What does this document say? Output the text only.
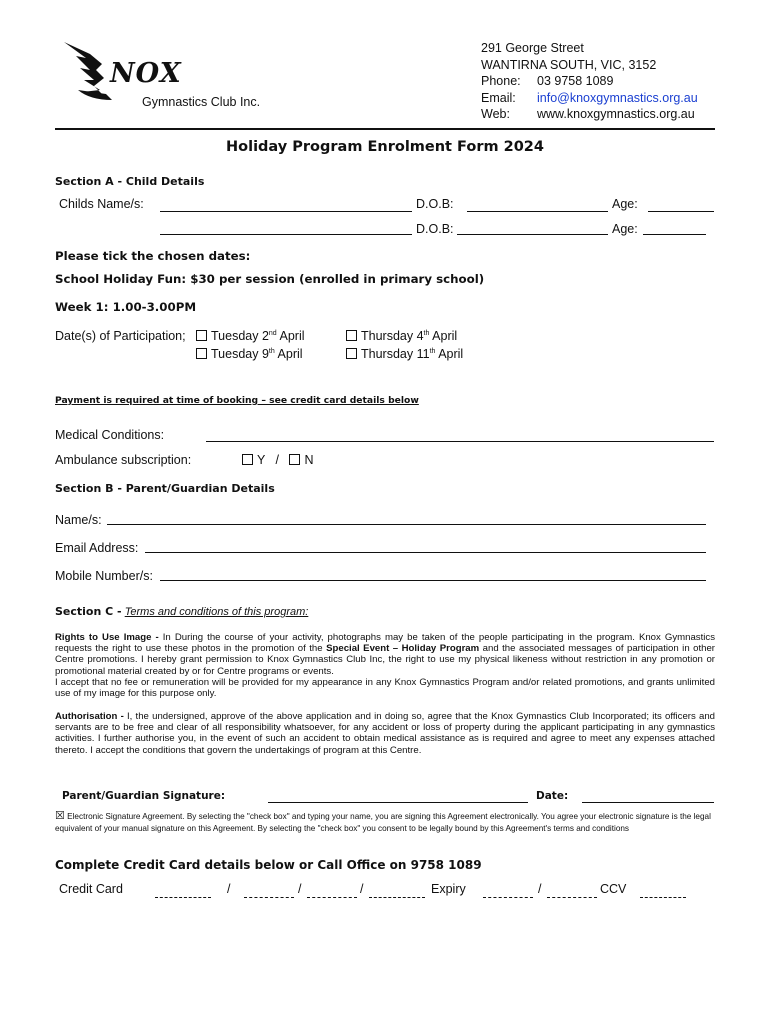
NOX
Gymnastics Club Inc.
291 George Street
WANTIRNA SOUTH, VIC, 3152
Phone: 03 9758 1089
Email: info@knoxgymnastics.org.au
Web: www.knoxgymnastics.org.au
Holiday Program Enrolment Form 2024
Section A - Child Details
Childs Name/s:	D.O.B:	Age:
D.O.B:	Age:
Please tick the chosen dates:
School Holiday Fun: $30 per session (enrolled in primary school)
Week 1: 1.00-3.00PM
Date(s) of Participation;	Tuesday 2nd April	Thursday 4th April
Tuesday 9th April	Thursday 11th April
Payment is required at time of booking – see credit card details below
Medical Conditions:
Ambulance subscription:	Y / N
Section B - Parent/Guardian Details
Name/s:
Email Address:
Mobile Number/s:
Section C - Terms and conditions of this program:
Rights to Use Image - In During the course of your activity, photographs may be taken of the people participating in the program. Knox Gymnastics requests the right to use these photos in the promotion of the Special Event – Holiday Program and the associated messages of participation in other Centre promotions. I hereby grant permission to Knox Gymnastics Club Inc, the right to use my physical likeness without restriction in any promotion or promotional material created by or for Centre programs or events.
I accept that no fee or remuneration will be provided for my appearance in any Knox Gymnastics Program and/or related promotions, and grants unlimited use of my image for this purpose only.
Authorisation - I, the undersigned, approve of the above application and in doing so, agree that the Knox Gymnastics Club Incorporated; its officers and servants are to be free and clear of all responsibility whatsoever, for any accident or loss of property during the applicant participating in any gymnastics activities. I further authorise you, in the event of such an accident to obtain medical assistance as is required and agree to meet any expenses attached thereto. I accept the conditions that govern the undertakings of program at this Centre.
Parent/Guardian Signature:	Date:
☒ Electronic Signature Agreement. By selecting the "check box" and typing your name, you are signing this Agreement electronically. You agree your electronic signature is the legal equivalent of your manual signature on this Agreement. By selecting the "check box" you consent to be legally bound by this Agreement's terms and conditions
Complete Credit Card details below or Call Office on 9758 1089
Credit Card	/	/	/	Expiry	/	CCV
